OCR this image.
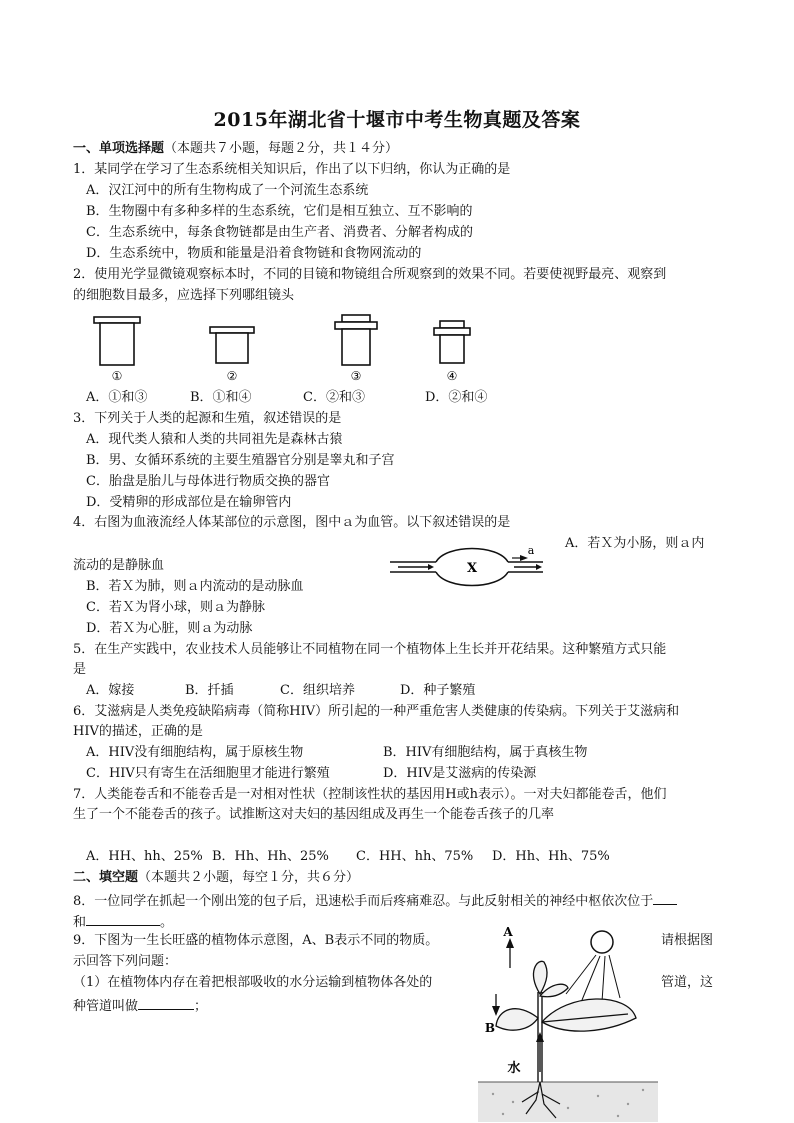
2015年湖北省十堰市中考生物真题及答案
一、单项选择题（本题共７小题，每题２分，共１４分）
1．某同学在学习了生态系统相关知识后，作出了以下归纳，你认为正确的是
A．汉江河中的所有生物构成了一个河流生态系统
B．生物圈中有多种多样的生态系统，它们是相互独立、互不影响的
C．生态系统中，每条食物链都是由生产者、消费者、分解者构成的
D．生态系统中，物质和能量是沿着食物链和食物网流动的
2．使用光学显微镜观察标本时，不同的目镜和物镜组合所观察到的效果不同。若要使视野最亮、观察到
的细胞数目最多，应选择下列哪组镜头
①	②	③	④
A．①和③	B．①和④	C．②和③	D．②和④
3．下列关于人类的起源和生殖，叙述错误的是
A．现代类人猿和人类的共同祖先是森林古猿
B．男、女循环系统的主要生殖器官分别是睾丸和子宫
C．胎盘是胎儿与母体进行物质交换的器官
D．受精卵的形成部位是在输卵管内
4．右图为血液流经人体某部位的示意图，图中ａ为血管。以下叙述错误的是
X
a A．若Ｘ为小肠，则ａ内
流动的是静脉血
B．若Ｘ为肺，则ａ内流动的是动脉血
C．若Ｘ为肾小球，则ａ为静脉
D．若Ｘ为心脏，则ａ为动脉
5．在生产实践中，农业技术人员能够让不同植物在同一个植物体上生长并开花结果。这种繁殖方式只能
是
A．嫁接	B．扦插	C．组织培养	D．种子繁殖
6．艾滋病是人类免疫缺陷病毒（简称HIV）所引起的一种严重危害人类健康的传染病。下列关于艾滋病和
HIV的描述，正确的是
A．HIV没有细胞结构，属于原核生物	B．HIV有细胞结构，属于真核生物
C．HIV只有寄生在活细胞里才能进行繁殖	D．HIV是艾滋病的传染源
7．人类能卷舌和不能卷舌是一对相对性状（控制该性状的基因用H或h表示）。一对夫妇都能卷舌，他们
生了一个不能卷舌的孩子。试推断这对夫妇的基因组成及再生一个能卷舌孩子的几率
A．HH、hh、25% B．Hh、Hh、25% C．HH、hh、75% D．Hh、Hh、75%
二、填空题（本题共２小题，每空１分，共６分）
8．一位同学在抓起一个刚出笼的包子后，迅速松手而后疼痛难忍。与此反射相关的神经中枢依次位于
和	。
9．下图为一生长旺盛的植物体示意图，A、B表示不同的物质。	请根据图
示回答下列问题：
（1）在植物体内存在着把根部吸收的水分运输到植物体各处的	管道，这
种管道叫做	；
A
B
水
